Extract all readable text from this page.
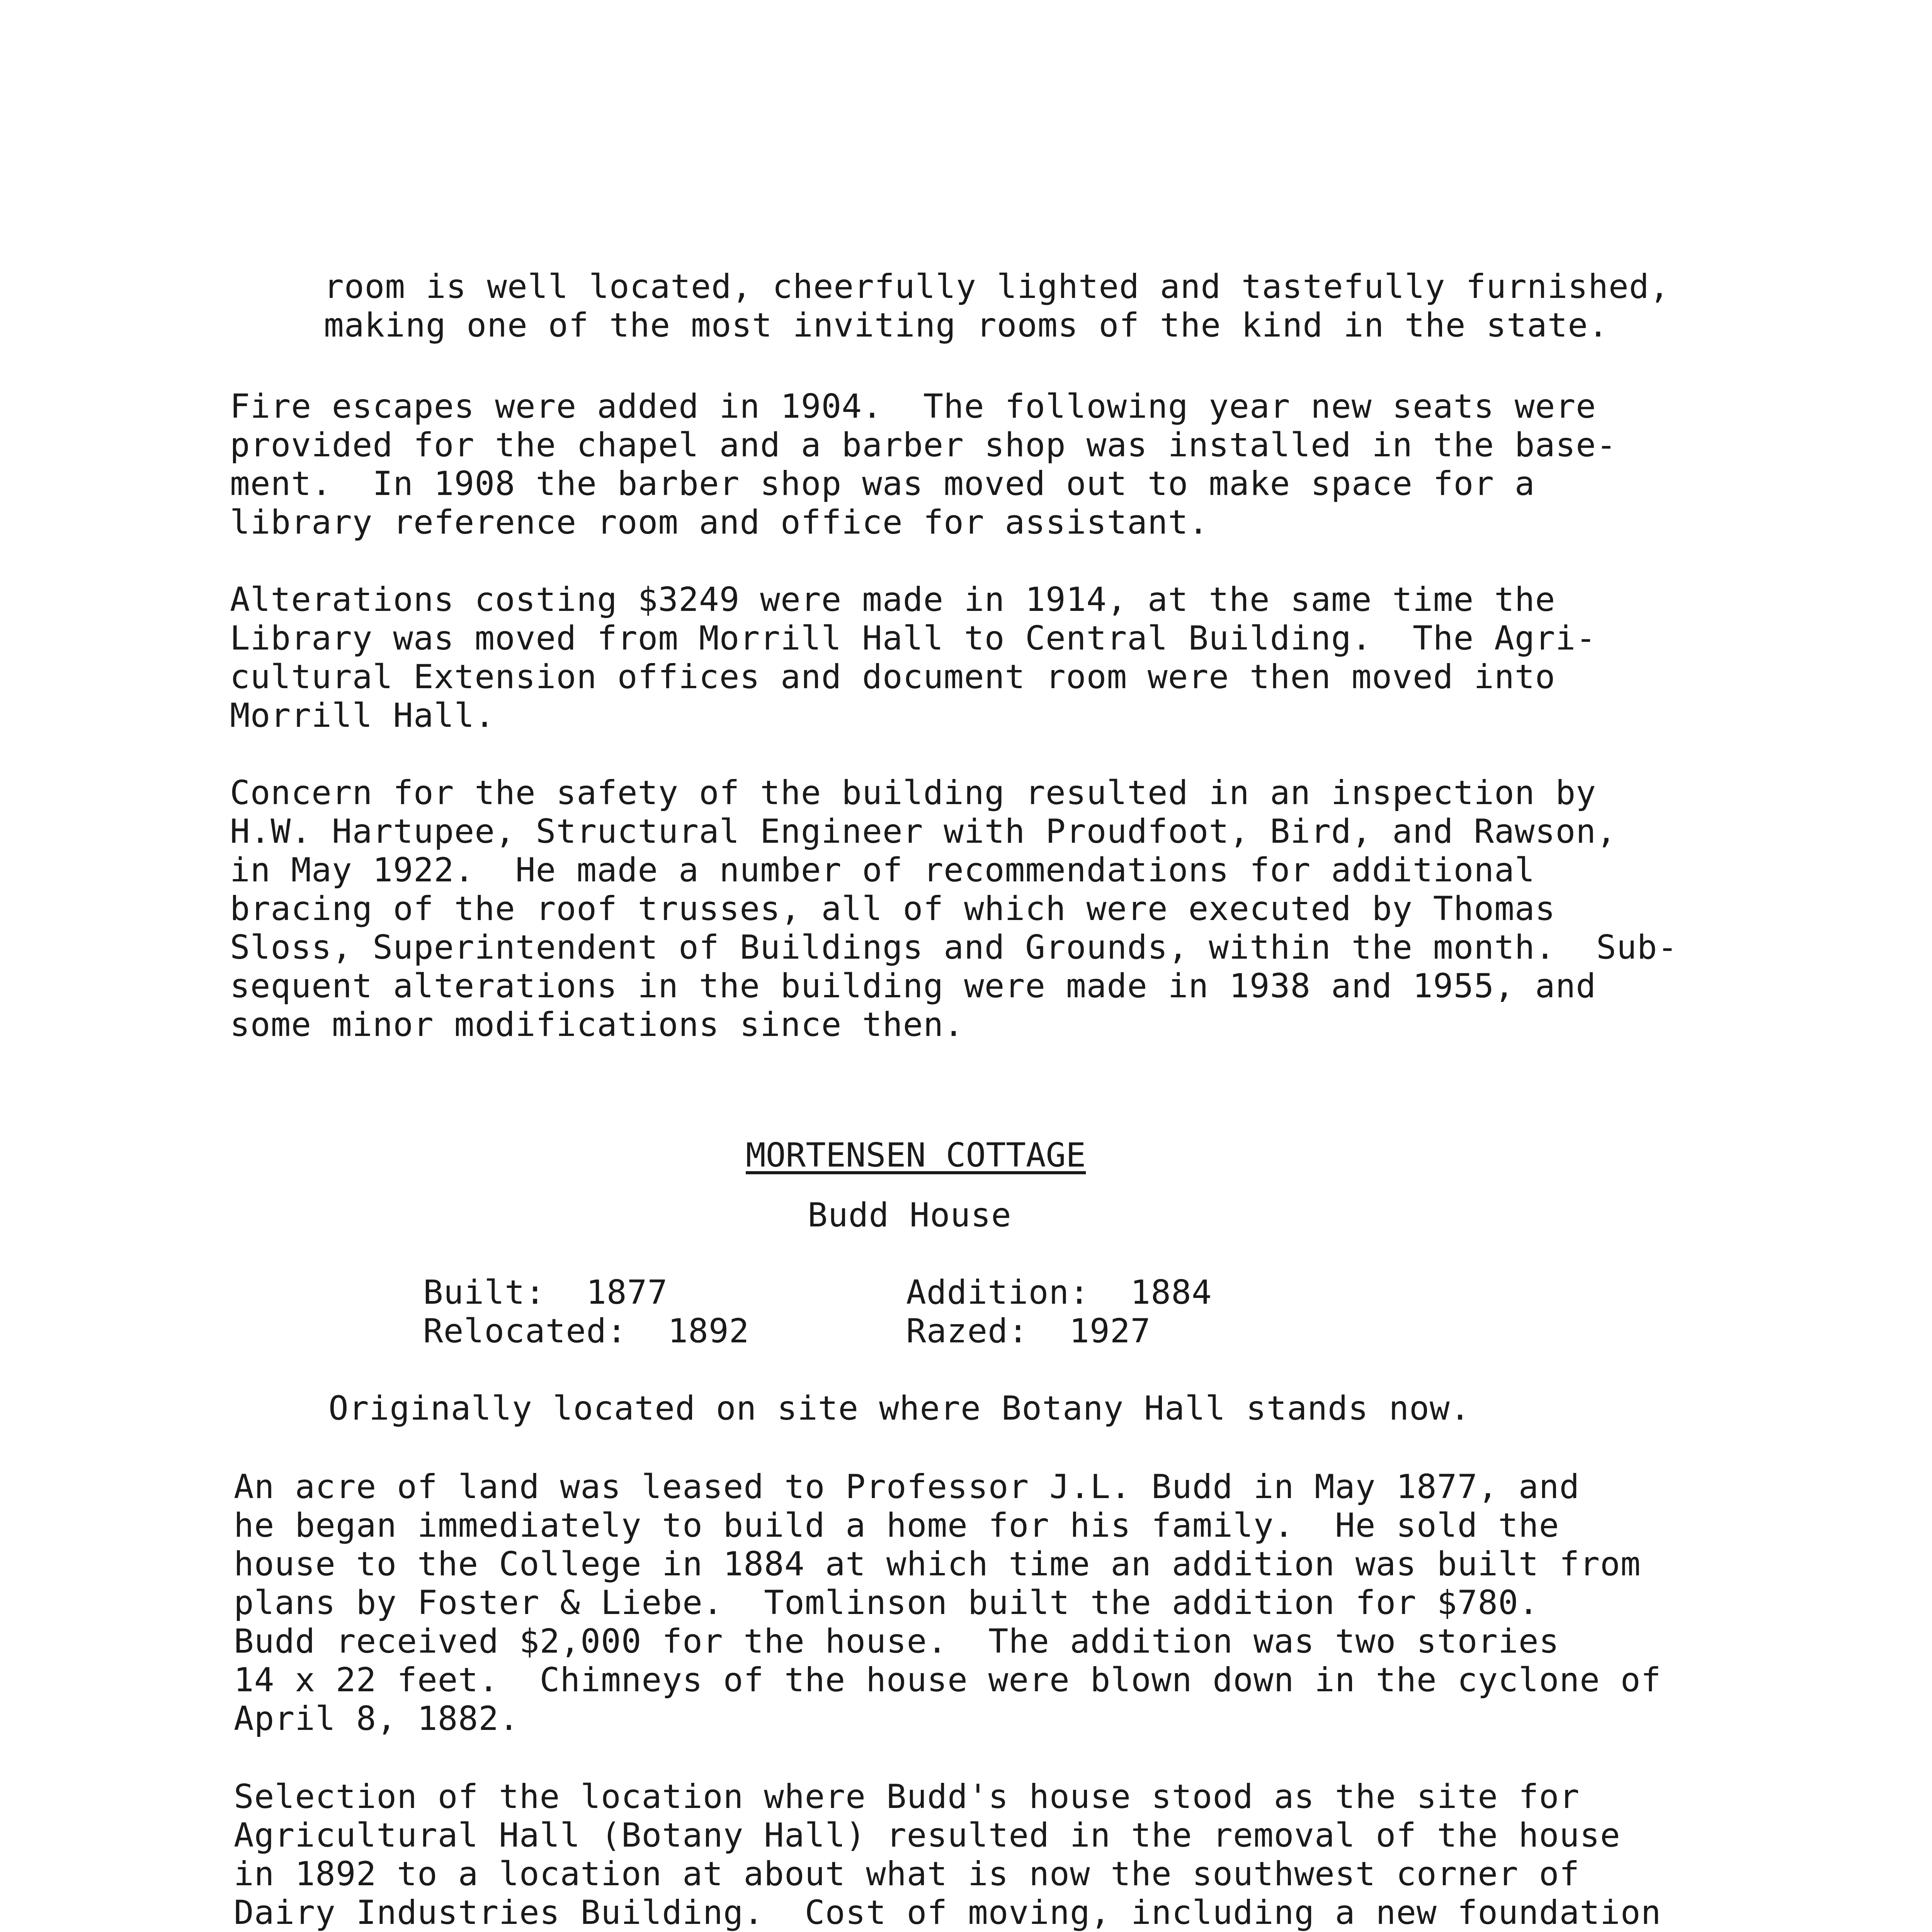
room is well located, cheerfully lighted and tastefully furnished,
making one of the most inviting rooms of the kind in the state.
Fire escapes were added in 1904.  The following year new seats were
provided for the chapel and a barber shop was installed in the base-
ment.  In 1908 the barber shop was moved out to make space for a
library reference room and office for assistant.
Alterations costing $3249 were made in 1914, at the same time the
Library was moved from Morrill Hall to Central Building.  The Agri-
cultural Extension offices and document room were then moved into
Morrill Hall.
Concern for the safety of the building resulted in an inspection by
H.W. Hartupee, Structural Engineer with Proudfoot, Bird, and Rawson,
in May 1922.  He made a number of recommendations for additional
bracing of the roof trusses, all of which were executed by Thomas
Sloss, Superintendent of Buildings and Grounds, within the month.  Sub-
sequent alterations in the building were made in 1938 and 1955, and
some minor modifications since then.
MORTENSEN COTTAGE
Budd House
Built:  1877	Addition:  1884
Relocated:  1892	Razed:  1927
Originally located on site where Botany Hall stands now.
An acre of land was leased to Professor J.L. Budd in May 1877, and
he began immediately to build a home for his family.  He sold the
house to the College in 1884 at which time an addition was built from
plans by Foster & Liebe.  Tomlinson built the addition for $780.
Budd received $2,000 for the house.  The addition was two stories
14 x 22 feet.  Chimneys of the house were blown down in the cyclone of
April 8, 1882.
Selection of the location where Budd's house stood as the site for
Agricultural Hall (Botany Hall) resulted in the removal of the house
in 1892 to a location at about what is now the southwest corner of
Dairy Industries Building.  Cost of moving, including a new foundation
